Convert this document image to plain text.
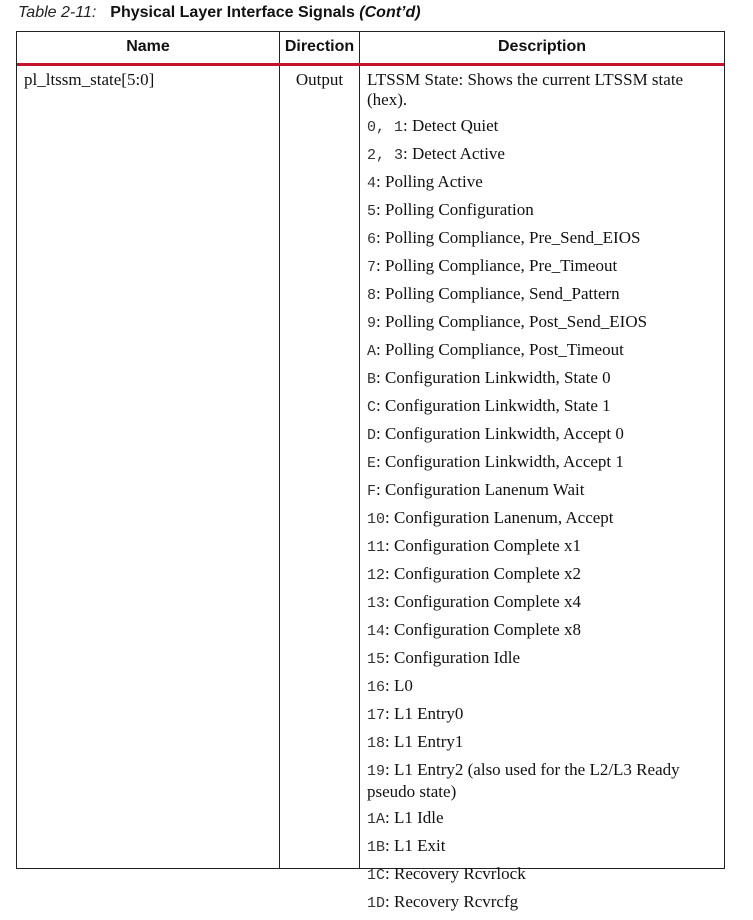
Table 2-11: Physical Layer Interface Signals (Cont’d)
Name	Direction	Description
pl_ltssm_state[5:0]	Output	LTSSM State: Shows the current LTSSM state (hex).
0, 1: Detect Quiet
2, 3: Detect Active
4: Polling Active
5: Polling Configuration
6: Polling Compliance, Pre_Send_EIOS
7: Polling Compliance, Pre_Timeout
8: Polling Compliance, Send_Pattern
9: Polling Compliance, Post_Send_EIOS
A: Polling Compliance, Post_Timeout
B: Configuration Linkwidth, State 0
C: Configuration Linkwidth, State 1
D: Configuration Linkwidth, Accept 0
E: Configuration Linkwidth, Accept 1
F: Configuration Lanenum Wait
10: Configuration Lanenum, Accept
11: Configuration Complete x1
12: Configuration Complete x2
13: Configuration Complete x4
14: Configuration Complete x8
15: Configuration Idle
16: L0
17: L1 Entry0
18: L1 Entry1
19: L1 Entry2 (also used for the L2/L3 Ready pseudo state)
1A: L1 Idle
1B: L1 Exit
1C: Recovery Rcvrlock
1D: Recovery Rcvrcfg
